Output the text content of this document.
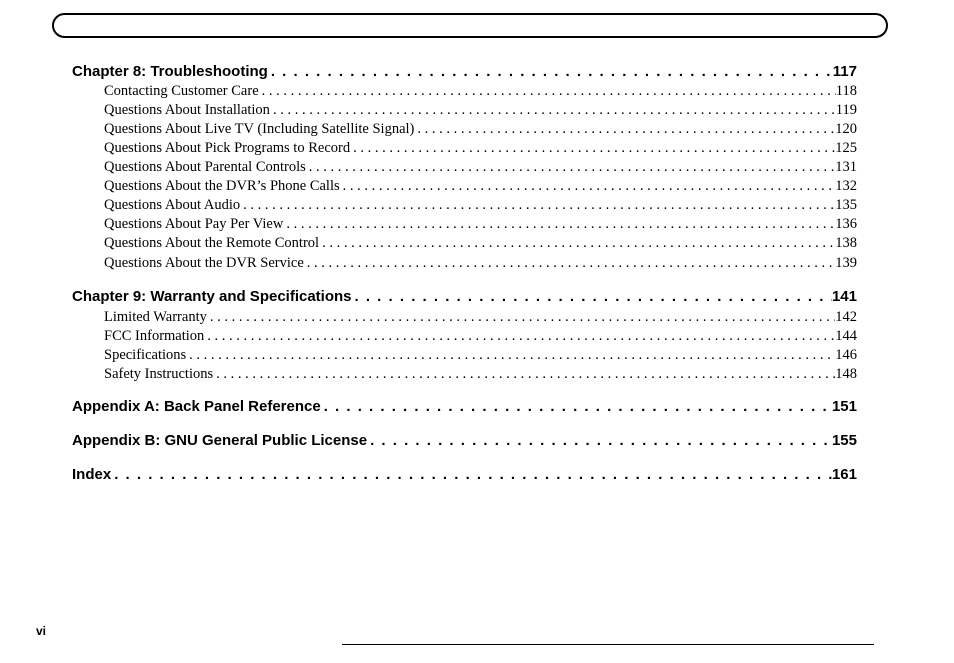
Chapter 8: Troubleshooting . . .	117
Contacting Customer Care . . .	118
Questions About Installation . . .	119
Questions About Live TV (Including Satellite Signal) . . .	120
Questions About Pick Programs to Record . . .	125
Questions About Parental Controls . . .	131
Questions About the DVR’s Phone Calls . . .	132
Questions About Audio . . .	135
Questions About Pay Per View . . .	136
Questions About the Remote Control . . .	138
Questions About the DVR Service . . .	139
Chapter 9: Warranty and Specifications . . .	141
Limited Warranty . . .	142
FCC Information . . .	144
Specifications . . .	146
Safety Instructions . . .	148
Appendix A: Back Panel Reference . . .	151
Appendix B: GNU General Public License . . .	155
Index . . .	161
vi
